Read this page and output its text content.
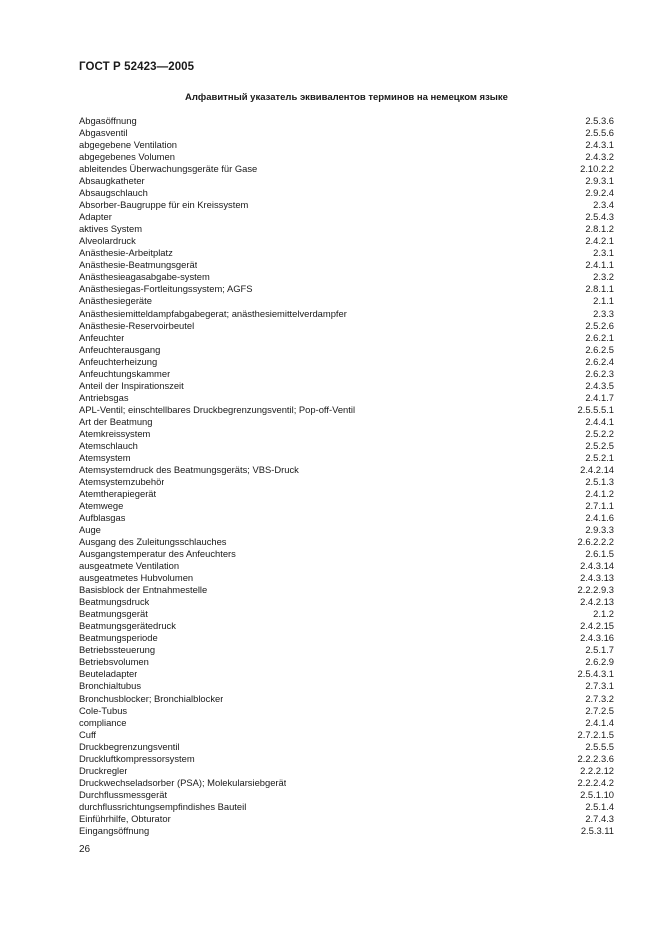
ГОСТ Р 52423—2005
Алфавитный указатель эквивалентов терминов на немецком языке
Abgasöffnung	2.5.3.6
Abgasventil	2.5.5.6
abgegebene Ventilation	2.4.3.1
abgegebenes Volumen	2.4.3.2
ableitendes Überwachungsgeräte für Gase	2.10.2.2
Absaugkatheter	2.9.3.1
Absaugschlauch	2.9.2.4
Absorber-Baugruppe für ein Kreissystem	2.3.4
Adapter	2.5.4.3
aktives System	2.8.1.2
Alveolardruck	2.4.2.1
Anästhesie-Arbeitplatz	2.3.1
Anästhesie-Beatmungsgerät	2.4.1.1
Anästhesieagasabgabe-system	2.3.2
Anästhesiegas-Fortleitungssystem; AGFS	2.8.1.1
Anästhesiegeräte	2.1.1
Anästhesiemitteldampfabgabegerat; anästhesiemittelverdampfer	2.3.3
Anästhesie-Reservoirbeutel	2.5.2.6
Anfeuchter	2.6.2.1
Anfeuchterausgang	2.6.2.5
Anfeuchterheizung	2.6.2.4
Anfeuchtungskammer	2.6.2.3
Anteil der Inspirationszeit	2.4.3.5
Antriebsgas	2.4.1.7
APL-Ventil; einschtellbares Druckbegrenzungsventil; Pop-off-Ventil	2.5.5.5.1
Art der Beatmung	2.4.4.1
Atemkreissystem	2.5.2.2
Atemschlauch	2.5.2.5
Atemsystem	2.5.2.1
Atemsystemdruck des Beatmungsgeräts; VBS-Druck	2.4.2.14
Atemsystemzubehör	2.5.1.3
Atemtherapiegerät	2.4.1.2
Atemwege	2.7.1.1
Aufblasgas	2.4.1.6
Auge	2.9.3.3
Ausgang des Zuleitungsschlauches	2.6.2.2.2
Ausgangstemperatur des Anfeuchters	2.6.1.5
ausgeatmete Ventilation	2.4.3.14
ausgeatmetes Hubvolumen	2.4.3.13
Basisblock der Entnahmestelle	2.2.2.9.3
Beatmungsdruck	2.4.2.13
Beatmungsgerät	2.1.2
Beatmungsgerätedruck	2.4.2.15
Beatmungsperiode	2.4.3.16
Betriebssteuerung	2.5.1.7
Betriebsvolumen	2.6.2.9
Beuteladapter	2.5.4.3.1
Bronchialtubus	2.7.3.1
Bronchusblocker; Bronchialblocker	2.7.3.2
Cole-Tubus	2.7.2.5
compliance	2.4.1.4
Cuff	2.7.2.1.5
Druckbegrenzungsventil	2.5.5.5
Druckluftkompressorsystem	2.2.2.3.6
Druckregler	2.2.2.12
Druckwechseladsorber (PSA); Molekularsiebgerät	2.2.2.4.2
Durchflussmessgerät	2.5.1.10
durchflussrichtungsempfindishes Bauteil	2.5.1.4
Einführhilfe, Obturator	2.7.4.3
Eingangsöffnung	2.5.3.11
26
